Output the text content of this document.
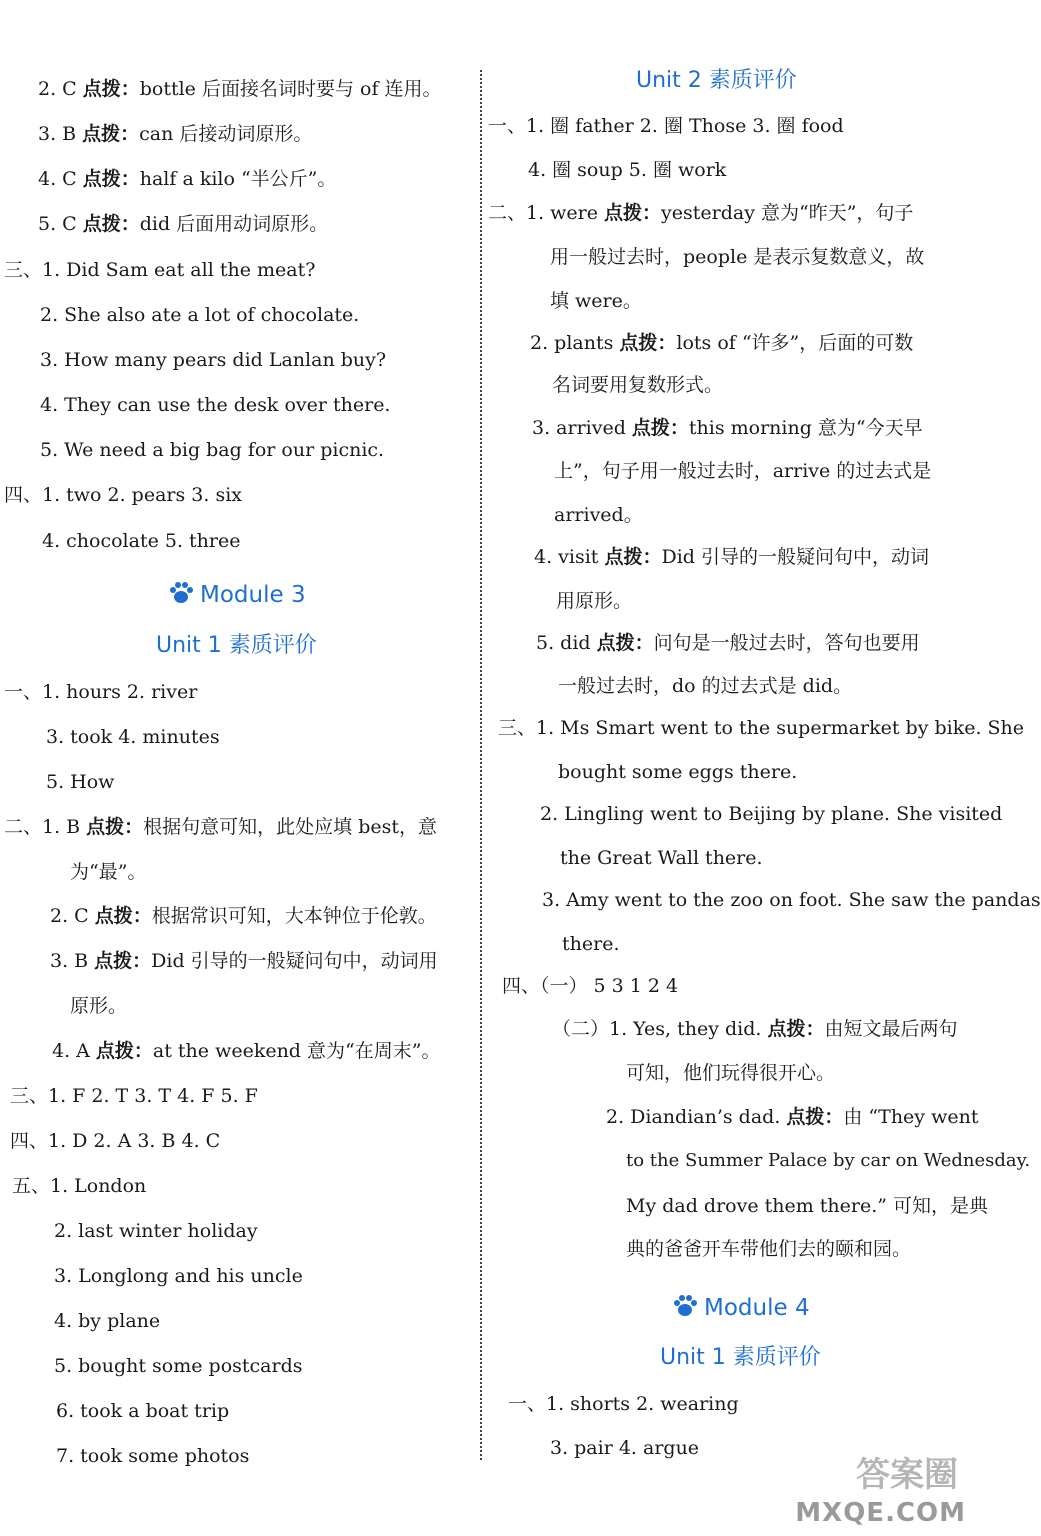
2. C 点拨：bottle 后面接名词时要与 of 连用。
3. B 点拨：can 后接动词原形。
4. C 点拨：half a kilo “半公斤”。
5. C 点拨：did 后面用动词原形。
三、1. Did Sam eat all the meat?
2. She also ate a lot of chocolate.
3. How many pears did Lanlan buy?
4. They can use the desk over there.
5. We need a big bag for our picnic.
四、1. two 2. pears 3. six
4. chocolate 5. three
Module 3
Unit 1 素质评价
一、1. hours 2. river
3. took 4. minutes
5. How
二、1. B 点拨：根据句意可知，此处应填 best，意
为“最”。
2. C 点拨：根据常识可知，大本钟位于伦敦。
3. B 点拨：Did 引导的一般疑问句中，动词用
原形。
4. A 点拨：at the weekend 意为“在周末”。
三、1. F 2. T 3. T 4. F 5. F
四、1. D 2. A 3. B 4. C
五、1. London
2. last winter holiday
3. Longlong and his uncle
4. by plane
5. bought some postcards
6. took a boat trip
7. took some photos
Unit 2 素质评价
一、1. 圈 father 2. 圈 Those 3. 圈 food
4. 圈 soup 5. 圈 work
二、1. were 点拨：yesterday 意为“昨天”，句子
用一般过去时，people 是表示复数意义，故
填 were。
2. plants 点拨：lots of “许多”，后面的可数
名词要用复数形式。
3. arrived 点拨：this morning 意为“今天早
上”，句子用一般过去时，arrive 的过去式是
arrived。
4. visit 点拨：Did 引导的一般疑问句中，动词
用原形。
5. did 点拨：问句是一般过去时，答句也要用
一般过去时，do 的过去式是 did。
三、1. Ms Smart went to the supermarket by bike. She
bought some eggs there.
2. Lingling went to Beijing by plane. She visited
the Great Wall there.
3. Amy went to the zoo on foot. She saw the pandas
there.
四、（一） 5 3 1 2 4
（二）1. Yes, they did. 点拨：由短文最后两句
可知，他们玩得很开心。
2. Diandian’s dad. 点拨：由 “They went
to the Summer Palace by car on Wednesday.
My dad drove them there.” 可知，是典
典的爸爸开车带他们去的颐和园。
Module 4
Unit 1 素质评价
一、1. shorts 2. wearing
3. pair 4. argue
答案圈
MXQE.COM
